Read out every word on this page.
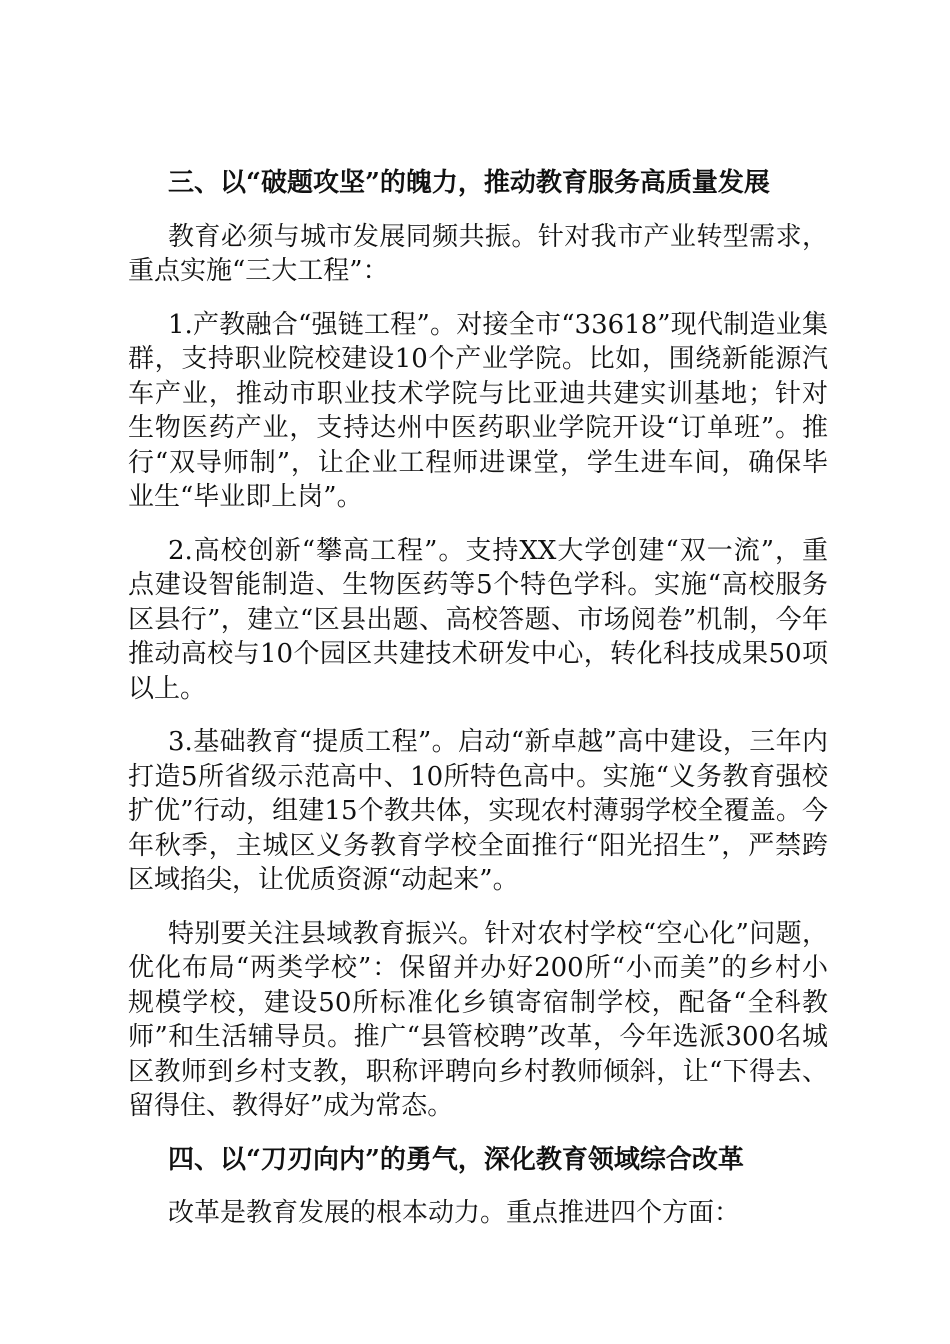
三、以“破题攻坚”的魄力，推动教育服务高质量发展
教育必须与城市发展同频共振。针对我市产业转型需求，重点实施“三大工程”：
1.产教融合“强链工程”。对接全市“33618”现代制造业集群，支持职业院校建设10个产业学院。比如，围绕新能源汽车产业，推动市职业技术学院与比亚迪共建实训基地；针对生物医药产业，支持达州中医药职业学院开设“订单班”。推行“双导师制”，让企业工程师进课堂，学生进车间，确保毕业生“毕业即上岗”。
2.高校创新“攀高工程”。支持XX大学创建“双一流”，重点建设智能制造、生物医药等5个特色学科。实施“高校服务区县行”，建立“区县出题、高校答题、市场阅卷”机制，今年推动高校与10个园区共建技术研发中心，转化科技成果50项以上。
3.基础教育“提质工程”。启动“新卓越”高中建设，三年内打造5所省级示范高中、10所特色高中。实施“义务教育强校扩优”行动，组建15个教共体，实现农村薄弱学校全覆盖。今年秋季，主城区义务教育学校全面推行“阳光招生”，严禁跨区域掐尖，让优质资源“动起来”。
特别要关注县域教育振兴。针对农村学校“空心化”问题，优化布局“两类学校”：保留并办好200所“小而美”的乡村小规模学校，建设50所标准化乡镇寄宿制学校，配备“全科教师”和生活辅导员。推广“县管校聘”改革，今年选派300名城区教师到乡村支教，职称评聘向乡村教师倾斜，让“下得去、留得住、教得好”成为常态。
四、以“刀刃向内”的勇气，深化教育领域综合改革
改革是教育发展的根本动力。重点推进四个方面：
